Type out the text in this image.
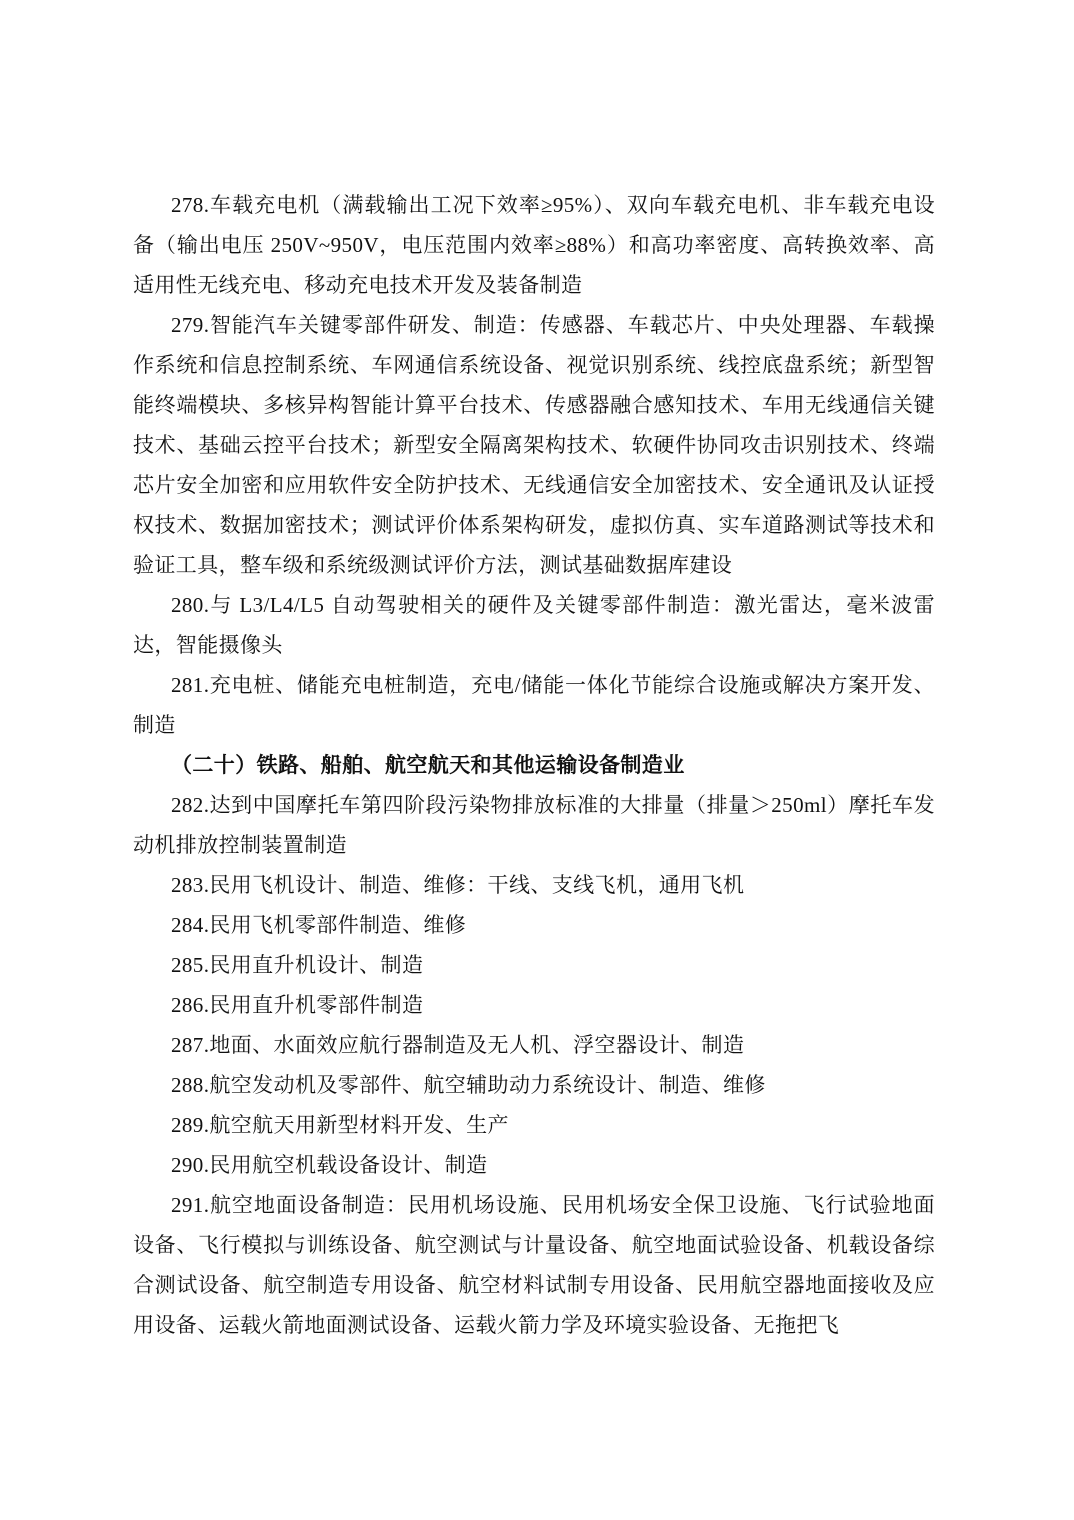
278.车载充电机（满载输出工况下效率≥95%）、双向车载充电机、非车载充电设备（输出电压 250V~950V，电压范围内效率≥88%）和高功率密度、高转换效率、高适用性无线充电、移动充电技术开发及装备制造

279.智能汽车关键零部件研发、制造：传感器、车载芯片、中央处理器、车载操作系统和信息控制系统、车网通信系统设备、视觉识别系统、线控底盘系统；新型智能终端模块、多核异构智能计算平台技术、传感器融合感知技术、车用无线通信关键技术、基础云控平台技术；新型安全隔离架构技术、软硬件协同攻击识别技术、终端芯片安全加密和应用软件安全防护技术、无线通信安全加密技术、安全通讯及认证授权技术、数据加密技术；测试评价体系架构研发，虚拟仿真、实车道路测试等技术和验证工具，整车级和系统级测试评价方法，测试基础数据库建设

280.与 L3/L4/L5 自动驾驶相关的硬件及关键零部件制造：激光雷达，毫米波雷达，智能摄像头

281.充电桩、储能充电桩制造，充电/储能一体化节能综合设施或解决方案开发、制造

（二十）铁路、船舶、航空航天和其他运输设备制造业

282.达到中国摩托车第四阶段污染物排放标准的大排量（排量＞250ml）摩托车发动机排放控制装置制造

283.民用飞机设计、制造、维修：干线、支线飞机，通用飞机

284.民用飞机零部件制造、维修

285.民用直升机设计、制造

286.民用直升机零部件制造

287.地面、水面效应航行器制造及无人机、浮空器设计、制造

288.航空发动机及零部件、航空辅助动力系统设计、制造、维修

289.航空航天用新型材料开发、生产

290.民用航空机载设备设计、制造

291.航空地面设备制造：民用机场设施、民用机场安全保卫设施、飞行试验地面设备、飞行模拟与训练设备、航空测试与计量设备、航空地面试验设备、机载设备综合测试设备、航空制造专用设备、航空材料试制专用设备、民用航空器地面接收及应用设备、运载火箭地面测试设备、运载火箭力学及环境实验设备、无拖把飞
